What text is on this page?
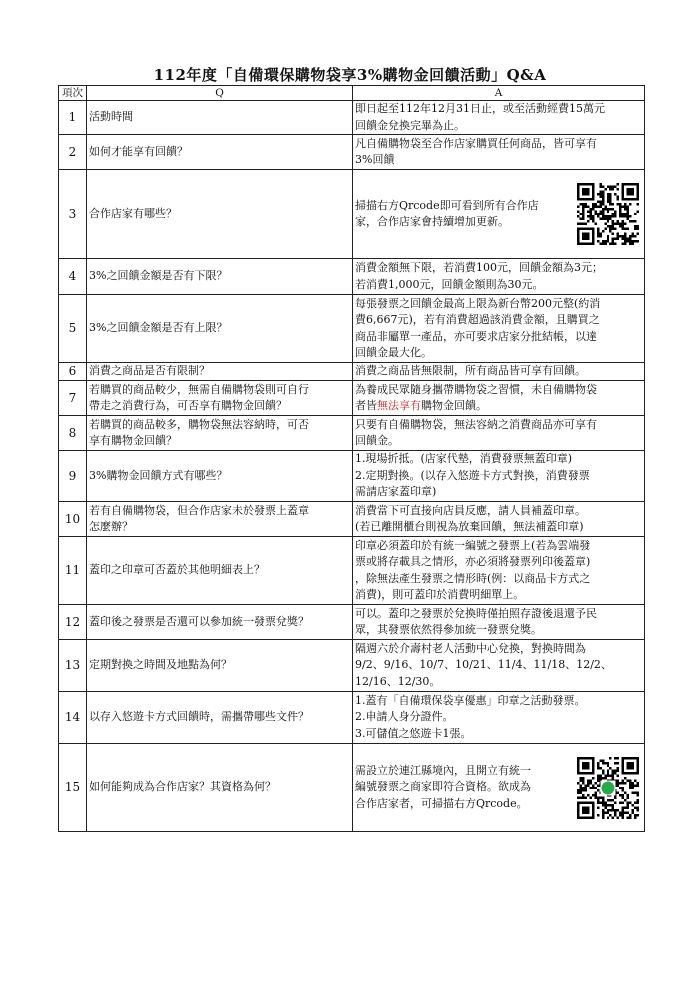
112年度「自備環保購物袋享3%購物金回饋活動」Q&A
項次	Q	A
1	活動時間	即日起至112年12月31日止，或至活動經費15萬元
回饋金兌換完畢為止。

2	如何才能享有回饋？	凡自備購物袋至合作店家購買任何商品，皆可享有
3%回饋

3	合作店家有哪些？	掃描右方Qrcode即可看到所有合作店
家，合作店家會持續增加更新。

4	3%之回饋金額是否有下限？	消費金額無下限，若消費100元，回饋金額為3元；
若消費1,000元，回饋金額則為30元。

5	3%之回饋金額是否有上限？	每張發票之回饋金最高上限為新台幣200元整(約消
費6,667元)，若有消費超過該消費金額，且購買之
商品非屬單一產品，亦可要求店家分批結帳，以達
回饋金最大化。

6	消費之商品是否有限制？	消費之商品皆無限制，所有商品皆可享有回饋。

7	若購買的商品較少，無需自備購物袋則可自行
帶走之消費行為，可否享有購物金回饋？	為養成民眾隨身攜帶購物袋之習慣，未自備購物袋
者皆無法享有購物金回饋。

8	若購買的商品較多，購物袋無法容納時，可否
享有購物金回饋？	只要有自備購物袋，無法容納之消費商品亦可享有
回饋金。

9	3%購物金回饋方式有哪些？	1.現場折抵。(店家代墊，消費發票無蓋印章)
2.定期對換。(以存入悠遊卡方式對換，消費發票
需請店家蓋印章)

10	若有自備購物袋，但合作店家未於發票上蓋章
怎麼辦？	消費當下可直接向店員反應，請人員補蓋印章。
(若已離開櫃台則視為放棄回饋，無法補蓋印章)

11	蓋印之印章可否蓋於其他明細表上？	印章必須蓋印於有統一編號之發票上(若為雲端發
票或將存載具之情形，亦必須將發票列印後蓋章)
，除無法產生發票之情形時(例：以商品卡方式之
消費)，則可蓋印於消費明細單上。

12	蓋印後之發票是否還可以參加統一發票兌獎？	可以。蓋印之發票於兌換時僅拍照存證後退還予民
眾，其發票依然得參加統一發票兌獎。

13	定期對換之時間及地點為何？	隔週六於介壽村老人活動中心兌換，對換時間為
9/2、9/16、10/7、10/21、11/4、11/18、12/2、
12/16、12/30。

14	以存入悠遊卡方式回饋時，需攜帶哪些文件？	1.蓋有「自備環保袋享優惠」印章之活動發票。
2.申請人身分證件。
3.可儲值之悠遊卡1張。

15	如何能夠成為合作店家？其資格為何？	需設立於連江縣境內，且開立有統一
編號發票之商家即符合資格。欲成為
合作店家者，可掃描右方Qrcode。
